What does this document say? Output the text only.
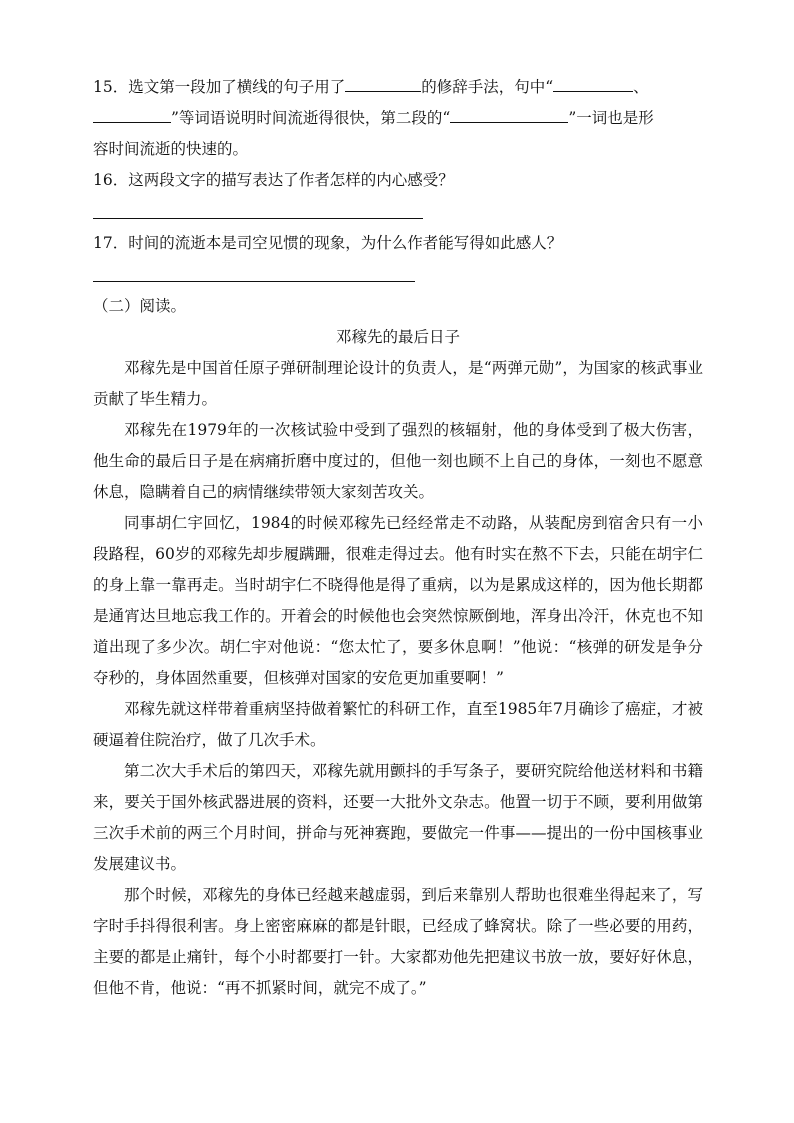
15．选文第一段加了横线的句子用了	的修辞手法，句中“	、
”等词语说明时间流逝得很快，第二段的“	”一词也是形
容时间流逝的快速的。

16．这两段文字的描写表达了作者怎样的内心感受？

17．时间的流逝本是司空见惯的现象，为什么作者能写得如此感人？

（二）阅读。

邓稼先的最后日子

邓稼先是中国首任原子弹研制理论设计的负责人，是“两弹元勋”，为国家的核武事业贡献了毕生精力。

邓稼先在1979年的一次核试验中受到了强烈的核辐射，他的身体受到了极大伤害，他生命的最后日子是在病痛折磨中度过的，但他一刻也顾不上自己的身体，一刻也不愿意休息，隐瞒着自己的病情继续带领大家刻苦攻关。

同事胡仁宇回忆，1984的时候邓稼先已经经常走不动路，从装配房到宿舍只有一小段路程，60岁的邓稼先却步履蹒跚，很难走得过去。他有时实在熬不下去，只能在胡宇仁的身上靠一靠再走。当时胡宇仁不晓得他是得了重病，以为是累成这样的，因为他长期都是通宵达旦地忘我工作的。开着会的时候他也会突然惊厥倒地，浑身出冷汗，休克也不知道出现了多少次。胡仁宇对他说：“您太忙了，要多休息啊！”他说：“核弹的研发是争分夺秒的，身体固然重要，但核弹对国家的安危更加重要啊！”

邓稼先就这样带着重病坚持做着繁忙的科研工作，直至1985年7月确诊了癌症，才被硬逼着住院治疗，做了几次手术。

第二次大手术后的第四天，邓稼先就用颤抖的手写条子，要研究院给他送材料和书籍来，要关于国外核武器进展的资料，还要一大批外文杂志。他置一切于不顾，要利用做第三次手术前的两三个月时间，拼命与死神赛跑，要做完一件事——提出的一份中国核事业发展建议书。

那个时候，邓稼先的身体已经越来越虚弱，到后来靠别人帮助也很难坐得起来了，写字时手抖得很利害。身上密密麻麻的都是针眼，已经成了蜂窝状。除了一些必要的用药，主要的都是止痛针，每个小时都要打一针。大家都劝他先把建议书放一放，要好好休息，但他不肯，他说：“再不抓紧时间，就完不成了。”
